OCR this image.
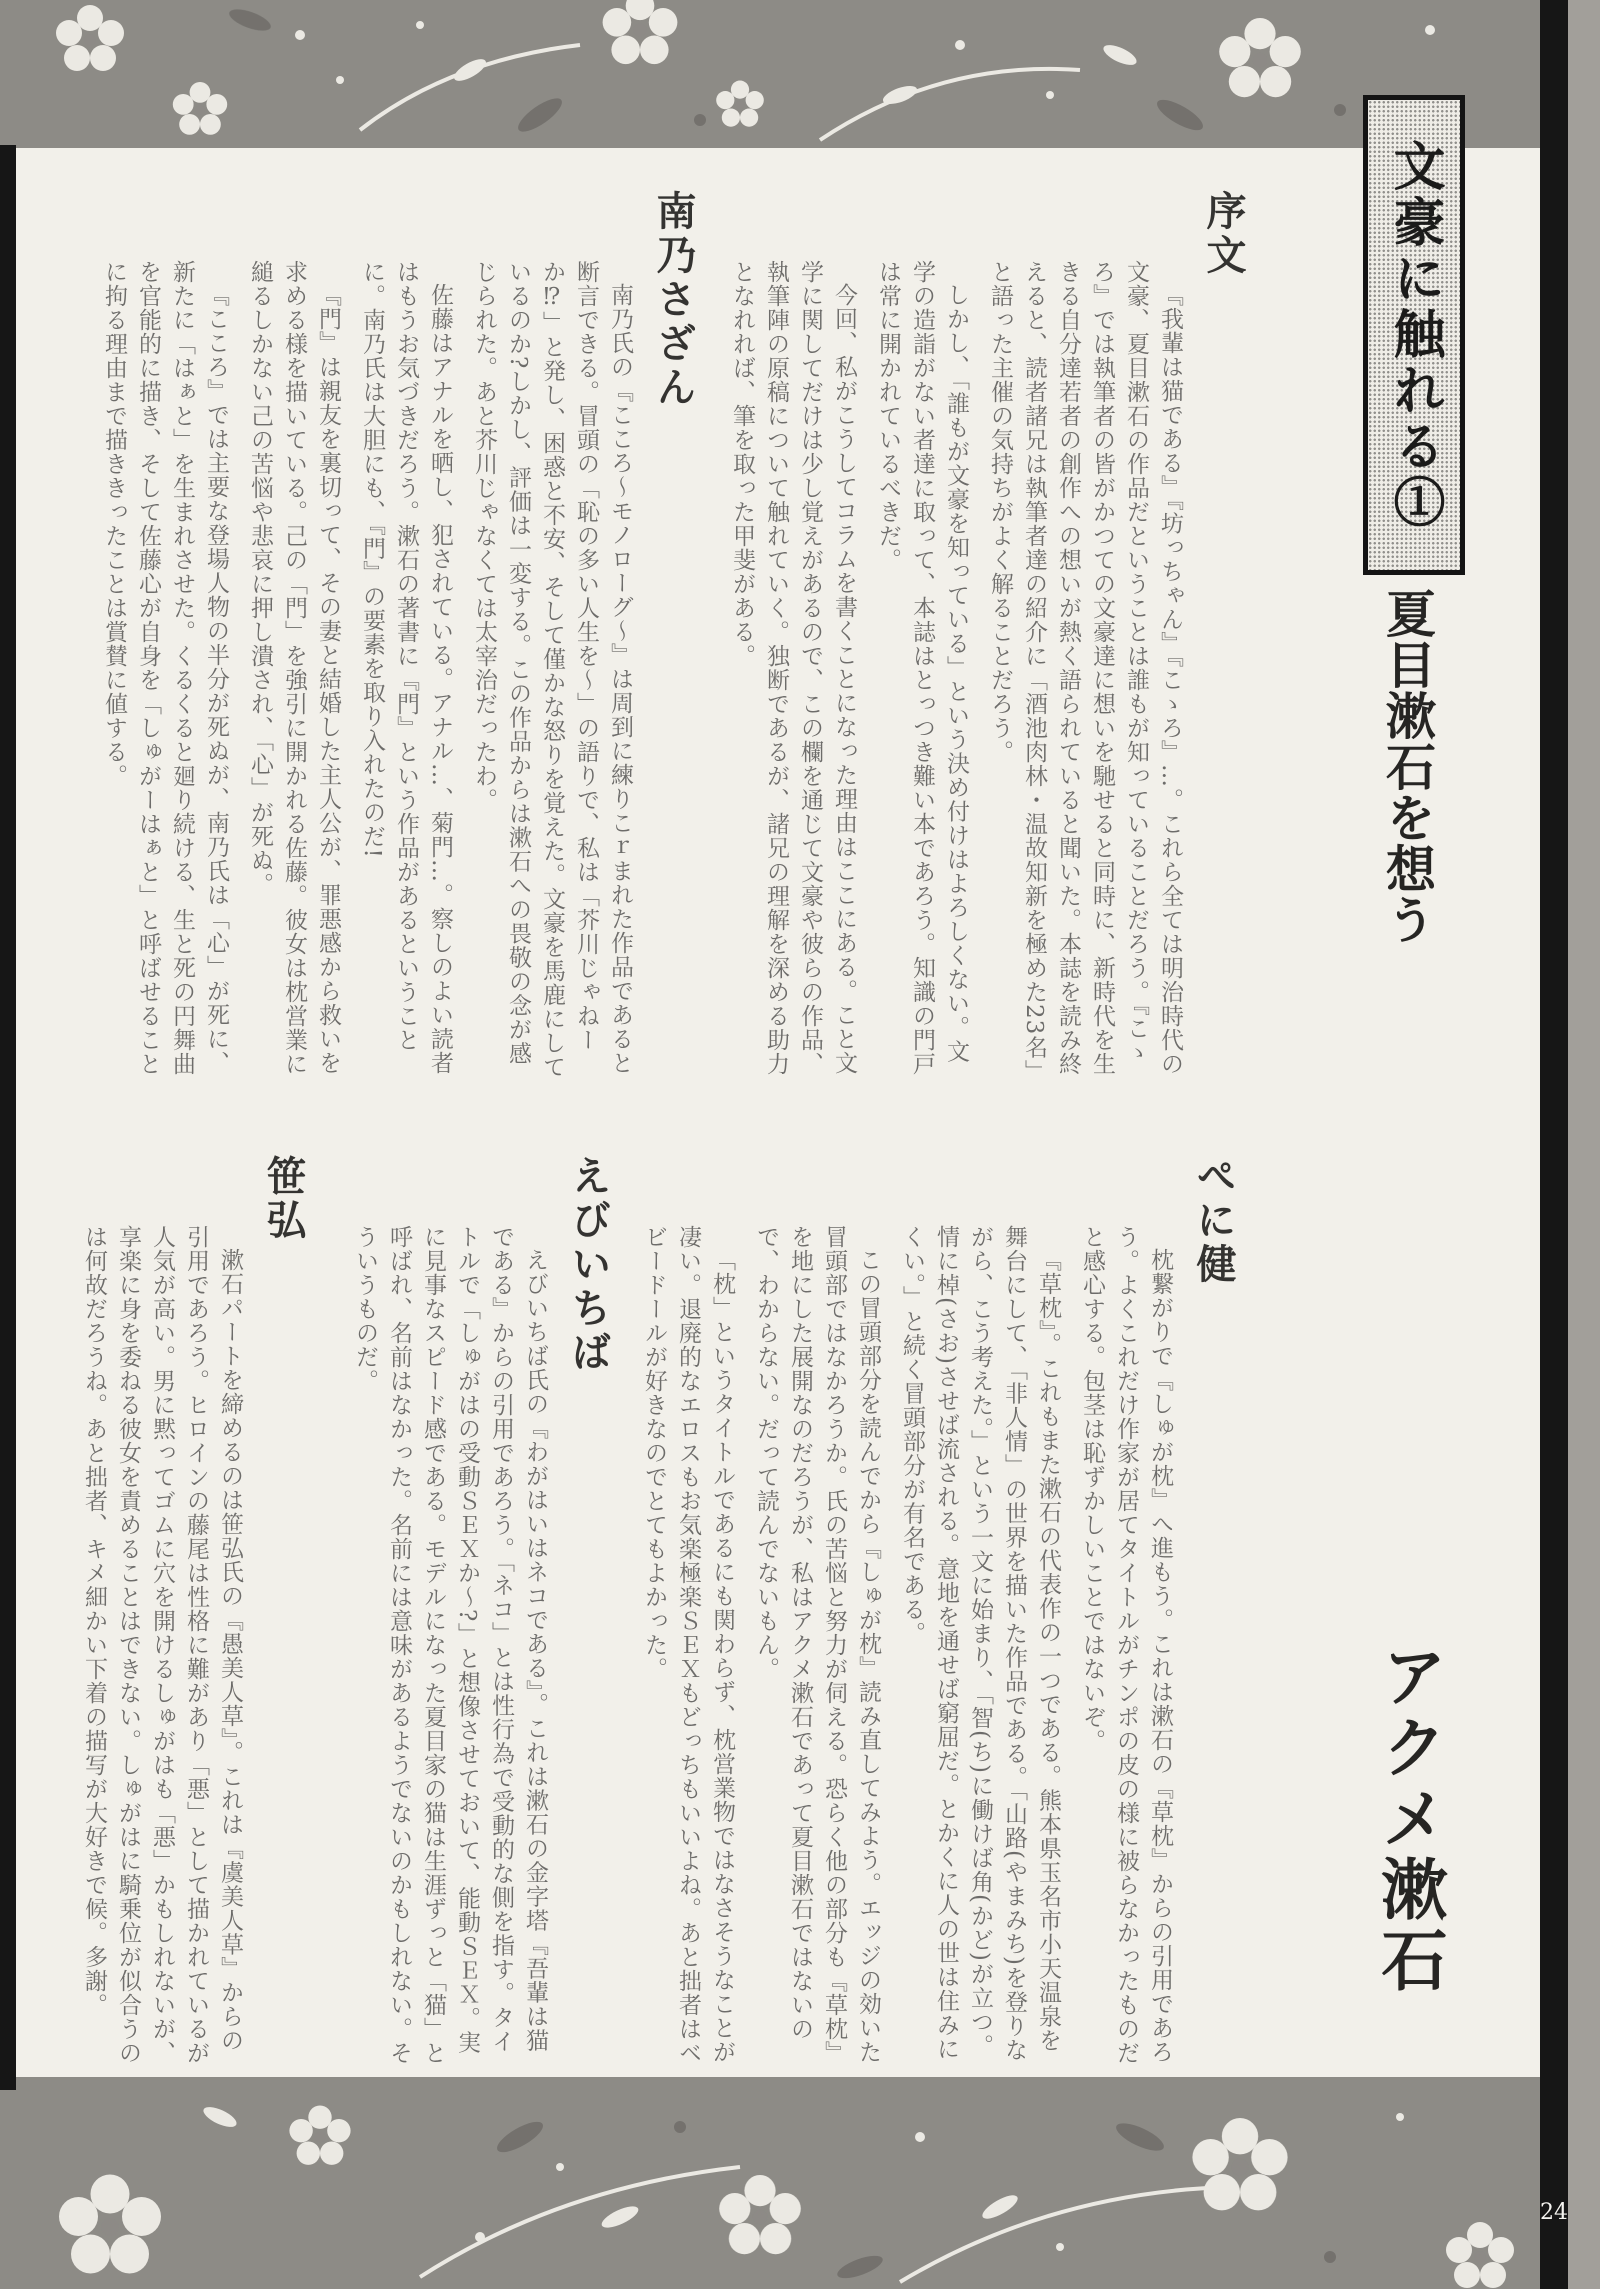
24
文豪に触れる①
夏目漱石を想う
アクメ漱石
序文

『我輩は猫である』『坊っちゃん』『こゝろ』…。これら全ては明治時代の文豪、夏目漱石の作品だということは誰もが知っていることだろう。『こゝろ』では執筆者の皆がかつての文豪達に想いを馳せると同時に、新時代を生きる自分達若者の創作への想いが熱く語られていると聞いた。本誌を読み終えると、読者諸兄は執筆者達の紹介に「酒池肉林・温故知新を極めた23名」と語った主催の気持ちがよく解ることだろう。

しかし、「誰もが文豪を知っている」という決め付けはよろしくない。文学の造詣がない者達に取って、本誌はとっつき難い本であろう。知識の門戸は常に開かれているべきだ。

今回、私がこうしてコラムを書くことになった理由はここにある。こと文学に関してだけは少し覚えがあるので、この欄を通じて文豪や彼らの作品、執筆陣の原稿について触れていく。独断であるが、諸兄の理解を深める助力となれれば、筆を取った甲斐がある。

南乃さざん

南乃氏の『こころ〜モノローグ〜』は周到に練りこｒまれた作品であると断言できる。冒頭の「恥の多い人生を〜」の語りで、私は「芥川じゃねーか⁉」と発し、困惑と不安、そして僅かな怒りを覚えた。文豪を馬鹿にしているのか?しかし、評価は一変する。この作品からは漱石への畏敬の念が感じられた。あと芥川じゃなくては太宰治だったわ。

佐藤はアナルを晒し、犯されている。アナル…、菊門…。察しのよい読者はもうお気づきだろう。漱石の著書に『門』という作品があるということに。南乃氏は大胆にも、『門』の要素を取り入れたのだ!

『門』は親友を裏切って、その妻と結婚した主人公が、罪悪感から救いを求める様を描いている。己の「門」を強引に開かれる佐藤。彼女は枕営業に縋るしかない己の苦悩や悲哀に押し潰され、「心」が死ぬ。

『こころ』では主要な登場人物の半分が死ぬが、南乃氏は「心」が死に、新たに「はぁと」を生まれさせた。くるくると廻り続ける、生と死の円舞曲を官能的に描き、そして佐藤心が自身を「しゅがーはぁと」と呼ばせることに拘る理由まで描ききったことは賞賛に値する。

ぺに健

枕繋がりで『しゅが枕』へ進もう。これは漱石の『草枕』からの引用であろう。よくこれだけ作家が居てタイトルがチンポの皮の様に被らなかったものだと感心する。包茎は恥ずかしいことではないぞ。

『草枕』。これもまた漱石の代表作の一つである。熊本県玉名市小天温泉を舞台にして、「非人情」の世界を描いた作品である。「山路(やまみち)を登りながら、こう考えた。」という一文に始まり、「智(ち)に働けば角(かど)が立つ。情に棹(さお)させば流される。意地を通せば窮屈だ。とかくに人の世は住みにくい。」と続く冒頭部分が有名である。

この冒頭部分を読んでから『しゅが枕』読み直してみよう。エッジの効いた冒頭部ではなかろうか。氏の苦悩と努力が伺える。恐らく他の部分も『草枕』を地にした展開なのだろうが、私はアクメ漱石であって夏目漱石ではないので、わからない。だって読んでないもん。

「枕」というタイトルであるにも関わらず、枕営業物ではなさそうなことが凄い。退廃的なエロスもお気楽極楽ＳＥＸもどっちもいいよね。あと拙者はベビードールが好きなのでとてもよかった。

えびいちば

えびいちば氏の『わがはいはネコである』。これは漱石の金字塔『吾輩は猫である』からの引用であろう。「ネコ」とは性行為で受動的な側を指す。タイトルで「しゅがはの受動ＳＥＸか〜?」と想像させておいて、能動ＳＥＸ。実に見事なスピード感である。モデルになった夏目家の猫は生涯ずっと「猫」と呼ばれ、名前はなかった。名前には意味があるようでないのかもしれない。そういうものだ。

笹弘

漱石パートを締めるのは笹弘氏の『愚美人草』。これは『虞美人草』からの引用であろう。ヒロインの藤尾は性格に難があり「悪」として描かれているが人気が高い。男に黙ってゴムに穴を開けるしゅがはも「悪」かもしれないが、享楽に身を委ねる彼女を責めることはできない。しゅがはに騎乗位が似合うのは何故だろうね。あと拙者、キメ細かい下着の描写が大好きで候。多謝。
